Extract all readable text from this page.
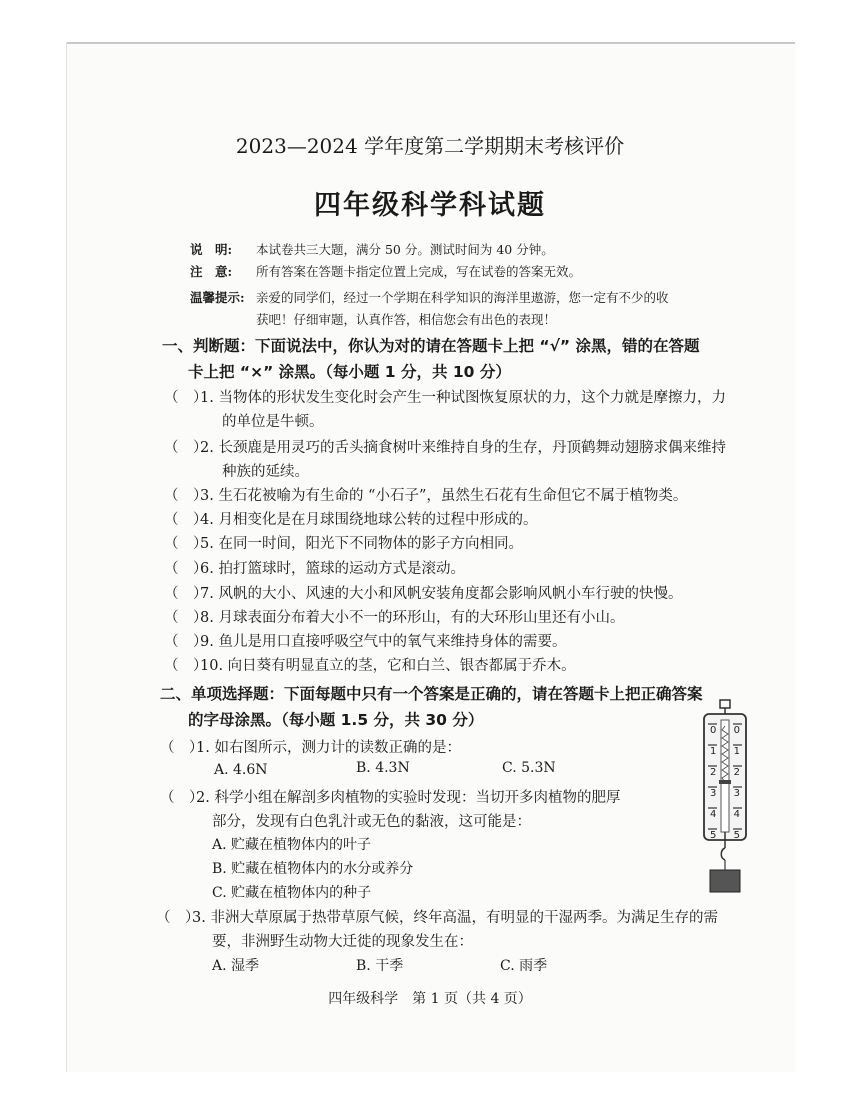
2023—2024 学年度第二学期期末考核评价
四年级科学科试题
说　明: 本试卷共三大题，满分 50 分。测试时间为 40 分钟。
注　意: 所有答案在答题卡指定位置上完成，写在试卷的答案无效。
温馨提示: 亲爱的同学们，经过一个学期在科学知识的海洋里遨游，您一定有不少的收
获吧！仔细审题，认真作答，相信您会有出色的表现！
一、判断题：下面说法中，你认为对的请在答题卡上把 “√” 涂黑，错的在答题
卡上把 “×” 涂黑。（每小题 1 分，共 10 分）
（　）1. 当物体的形状发生变化时会产生一种试图恢复原状的力，这个力就是摩擦力，力
的单位是牛顿。
（　）2. 长颈鹿是用灵巧的舌头摘食树叶来维持自身的生存，丹顶鹤舞动翅膀求偶来维持
种族的延续。
（　）3. 生石花被喻为有生命的 “小石子”，虽然生石花有生命但它不属于植物类。
（　）4. 月相变化是在月球围绕地球公转的过程中形成的。
（　）5. 在同一时间，阳光下不同物体的影子方向相同。
（　）6. 拍打篮球时，篮球的运动方式是滚动。
（　）7. 风帆的大小、风速的大小和风帆安装角度都会影响风帆小车行驶的快慢。
（　）8. 月球表面分布着大小不一的环形山，有的大环形山里还有小山。
（　）9. 鱼儿是用口直接呼吸空气中的氧气来维持身体的需要。
（　）10. 向日葵有明显直立的茎，它和白兰、银杏都属于乔木。
二、单项选择题：下面每题中只有一个答案是正确的，请在答题卡上把正确答案
的字母涂黑。（每小题 1.5 分，共 30 分）
（　）1. 如右图所示，测力计的读数正确的是：
A. 4.6N	B. 4.3N	C. 5.3N
（　）2. 科学小组在解剖多肉植物的实验时发现：当切开多肉植物的肥厚
部分，发现有白色乳汁或无色的黏液，这可能是：
A. 贮藏在植物体内的叶子
B. 贮藏在植物体内的水分或养分
C. 贮藏在植物体内的种子
（　）3. 非洲大草原属于热带草原气候，终年高温，有明显的干湿两季。为满足生存的需
要，非洲野生动物大迁徙的现象发生在：
A. 湿季	B. 干季	C. 雨季
0 0
1 1
2 2
3 3
4 4
5 5
四年级科学　第 1 页（共 4 页）
